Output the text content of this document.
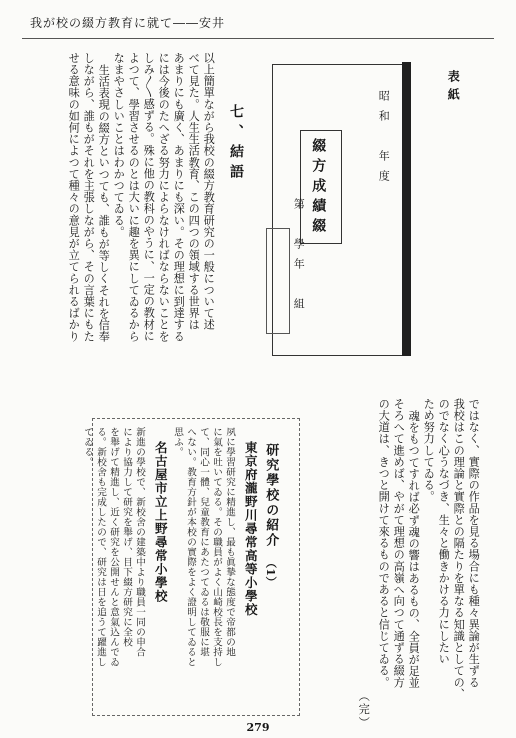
我が校の綴方教育に就て――安井
表紙
昭和　年度
綴方成績綴
第　學年　組
七、結語
以上簡單ながら我校の綴方教育研究の一般について述
べて見た。人生生活教育、この四つの領域する世界は
あまりにも廣く、あまりにも深い。その理想に到達する
には今後のたへざる努力によらなければならないことを
しみ〳〵感ずる。殊に他の教科のやうに、一定の教材に
よつて、學習させるのとは大いに趣を異にしてゐるから
なまやさしいことはわかつてゐる。
生活表現の綴方といつても、誰もが等しくそれを信奉
しながら、誰もがそれを主張しながら、その言葉にもた
せる意味の如何によつて種々の意見が立てられるばかり
ではなく、實際の作品を見る場合にも種々異論が生ずる
我校はこの理論と實際との隔たりを單なる知識としての、
のでなく心うなづき、生々と働きかける力にしたい
ため努力してゐる。
魂をもつてすれば必ず魂の響はあるもの、全員が足並
そろへて進めば、やがて理想の高嶺へ向つて通ずる綴方
の大道は、きつと開けて來るものであると信じてゐる。
（完）
研究學校の紹介
（1）
東京府瀧野川尋常高等小學校
夙に學習研究に精進し、最も眞摯な態度で帝都の地
に氣を吐いてゐる。その職員がよく山崎校長を支持し
て、同心一體、兒童教育にあたつてゐるは敬服に堪
へない。教育方針が本校の實際をよく證明してゐると
思ふ。
名古屋市立上野尋常小學校
新進の學校で、新校舍の建築中より職員一同の申合
により協力して研究を舉げ、目下綴方研究に全校
を舉げて精進し、近く研究を公開せんと意氣込んでゐ
る。新校舍も完成したので、研究は日を追うて躍進し
てゐる。
279
